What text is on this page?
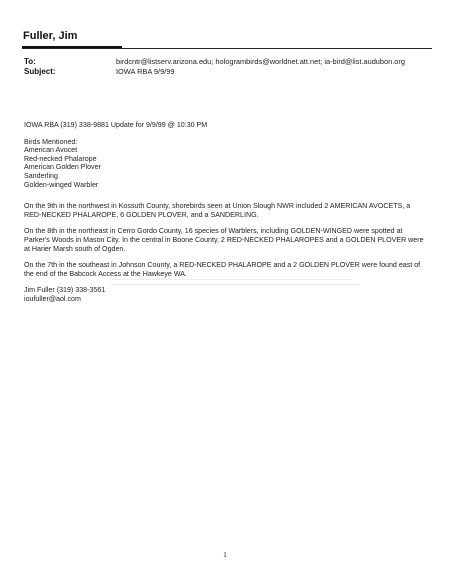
Fuller, Jim
To:	birdcntr@listserv.arizona.edu; hologrambirds@worldnet.att.net; ia-bird@list.audubon.org
Subject:	IOWA RBA 9/9/99

IOWA RBA (319) 338-9881 Update for 9/9/99 @ 10:30 PM

Birds Mentioned:

American Avocet

Red-necked Phalarope

American Golden Plover

Sanderling

Golden-winged Warbler

On the 9th in the northwest in Kossuth County, shorebirds seen at Union Slough NWR included 2 AMERICAN AVOCETS, a RED-NECKED PHALAROPE, 6 GOLDEN PLOVER, and a SANDERLING.

On the 8th in the northeast in Cerro Gordo County, 16 species of Warblers, including GOLDEN-WINGED were spotted at Parker's Woods in Mason City. In the central in Boone County, 2 RED-NECKED PHALAROPES and a GOLDEN PLOVER were at Harier Marsh south of Ogden.

On the 7th in the southeast in Johnson County, a RED-NECKED PHALAROPE and a 2 GOLDEN PLOVER were found east of the end of the Babcock Access at the Hawkeye WA.

Jim Fuller (319) 338-3561

ioufuller@aol.com

1
